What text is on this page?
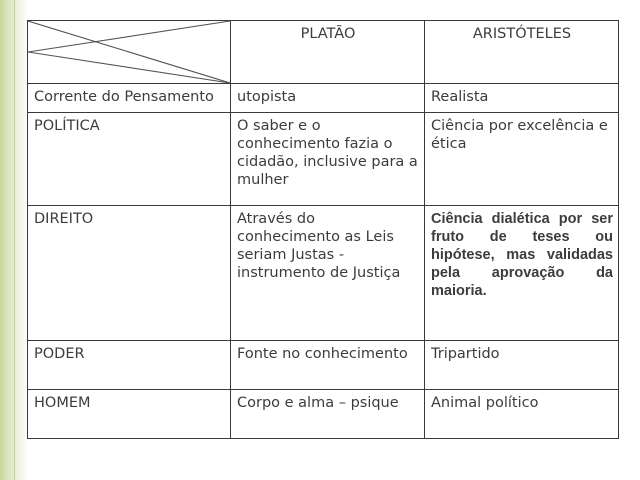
	PLATÃO	ARISTÓTELES
Corrente do Pensamento	utopista	Realista
POLÍTICA	O saber e o conhecimento fazia o cidadão, inclusive para a mulher	Ciência por excelência e ética
DIREITO	Através do conhecimento as Leis seriam Justas - instrumento de Justiça	Ciência dialética por ser fruto de teses ou hipótese, mas validadas pela aprovação da maioria.
PODER	Fonte no conhecimento	Tripartido
HOMEM	Corpo e alma – psique	Animal político
